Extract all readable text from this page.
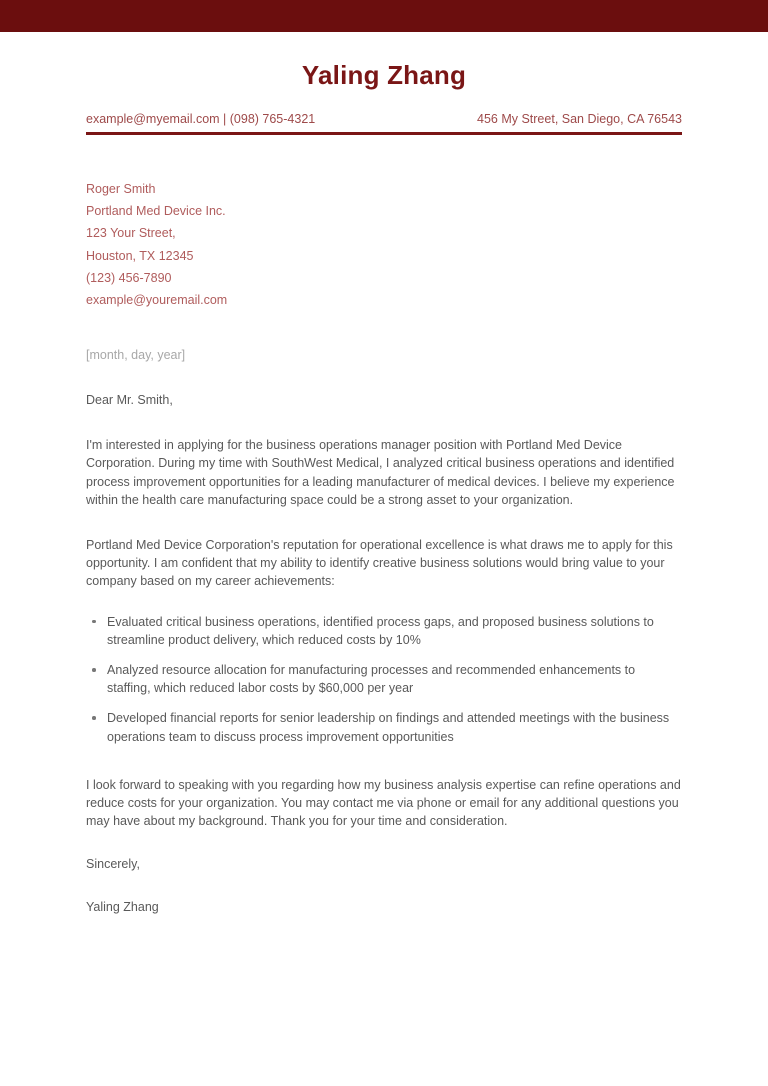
Yaling Zhang
example@myemail.com | (098) 765-4321	456 My Street, San Diego, CA 76543
Roger Smith
Portland Med Device Inc.
123 Your Street,
Houston, TX 12345
(123) 456-7890
example@youremail.com
[month, day, year]
Dear Mr. Smith,

I'm interested in applying for the business operations manager position with Portland Med Device Corporation. During my time with SouthWest Medical, I analyzed critical business operations and identified process improvement opportunities for a leading manufacturer of medical devices. I believe my experience within the health care manufacturing space could be a strong asset to your organization.

Portland Med Device Corporation's reputation for operational excellence is what draws me to apply for this opportunity. I am confident that my ability to identify creative business solutions would bring value to your company based on my career achievements:

Evaluated critical business operations, identified process gaps, and proposed business solutions to streamline product delivery, which reduced costs by 10%
Analyzed resource allocation for manufacturing processes and recommended enhancements to staffing, which reduced labor costs by $60,000 per year
Developed financial reports for senior leadership on findings and attended meetings with the business operations team to discuss process improvement opportunities

I look forward to speaking with you regarding how my business analysis expertise can refine operations and reduce costs for your organization. You may contact me via phone or email for any additional questions you may have about my background. Thank you for your time and consideration.

Sincerely,
Yaling Zhang
